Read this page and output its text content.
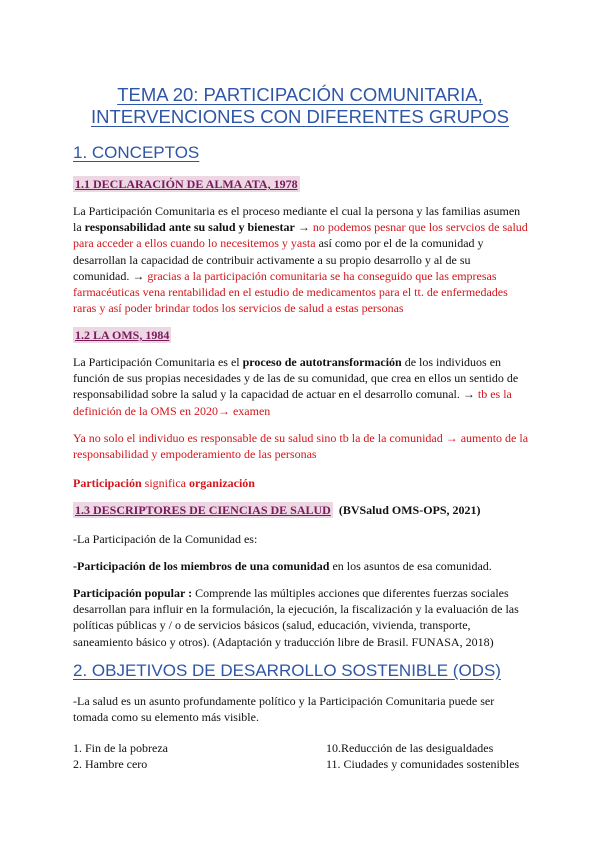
TEMA 20: PARTICIPACIÓN COMUNITARIA,
INTERVENCIONES CON DIFERENTES GRUPOS
1. CONCEPTOS
1.1 DECLARACIÓN DE ALMA ATA, 1978
La Participación Comunitaria es el proceso mediante el cual la persona y las familias asumen la responsabilidad ante su salud y bienestar → no podemos pesnar que los servcios de salud para acceder a ellos cuando lo necesitemos y yasta así como por el de la comunidad y desarrollan la capacidad de contribuir activamente a su propio desarrollo y al de su comunidad. → gracias a la participación comunitaria se ha conseguido que las empresas farmacéuticas vena rentabilidad en el estudio de medicamentos para el tt. de enfermedades raras y así poder brindar todos los servicios de salud a estas personas
1.2 LA OMS, 1984
La Participación Comunitaria es el proceso de autotransformación de los individuos en función de sus propias necesidades y de las de su comunidad, que crea en ellos un sentido de responsabilidad sobre la salud y la capacidad de actuar en el desarrollo comunal. → tb es la definición de la OMS en 2020→ examen
Ya no solo el individuo es responsable de su salud sino tb la de la comunidad → aumento de la responsabilidad y empoderamiento de las personas
Participación significa organización
1.3 DESCRIPTORES DE CIENCIAS DE SALUD (BVSalud OMS-OPS, 2021)
-La Participación de la Comunidad es:
-Participación de los miembros de una comunidad en los asuntos de esa comunidad.
Participación popular : Comprende las múltiples acciones que diferentes fuerzas sociales desarrollan para influir en la formulación, la ejecución, la fiscalización y la evaluación de las políticas públicas y / o de servicios básicos (salud, educación, vivienda, transporte, saneamiento básico y otros). (Adaptación y traducción libre de Brasil. FUNASA, 2018)
2. OBJETIVOS DE DESARROLLO SOSTENIBLE (ODS)
-La salud es un asunto profundamente político y la Participación Comunitaria puede ser tomada como su elemento más visible.
1. Fin de la pobreza
2. Hambre cero
10.Reducción de las desigualdades
11. Ciudades y comunidades sostenibles
